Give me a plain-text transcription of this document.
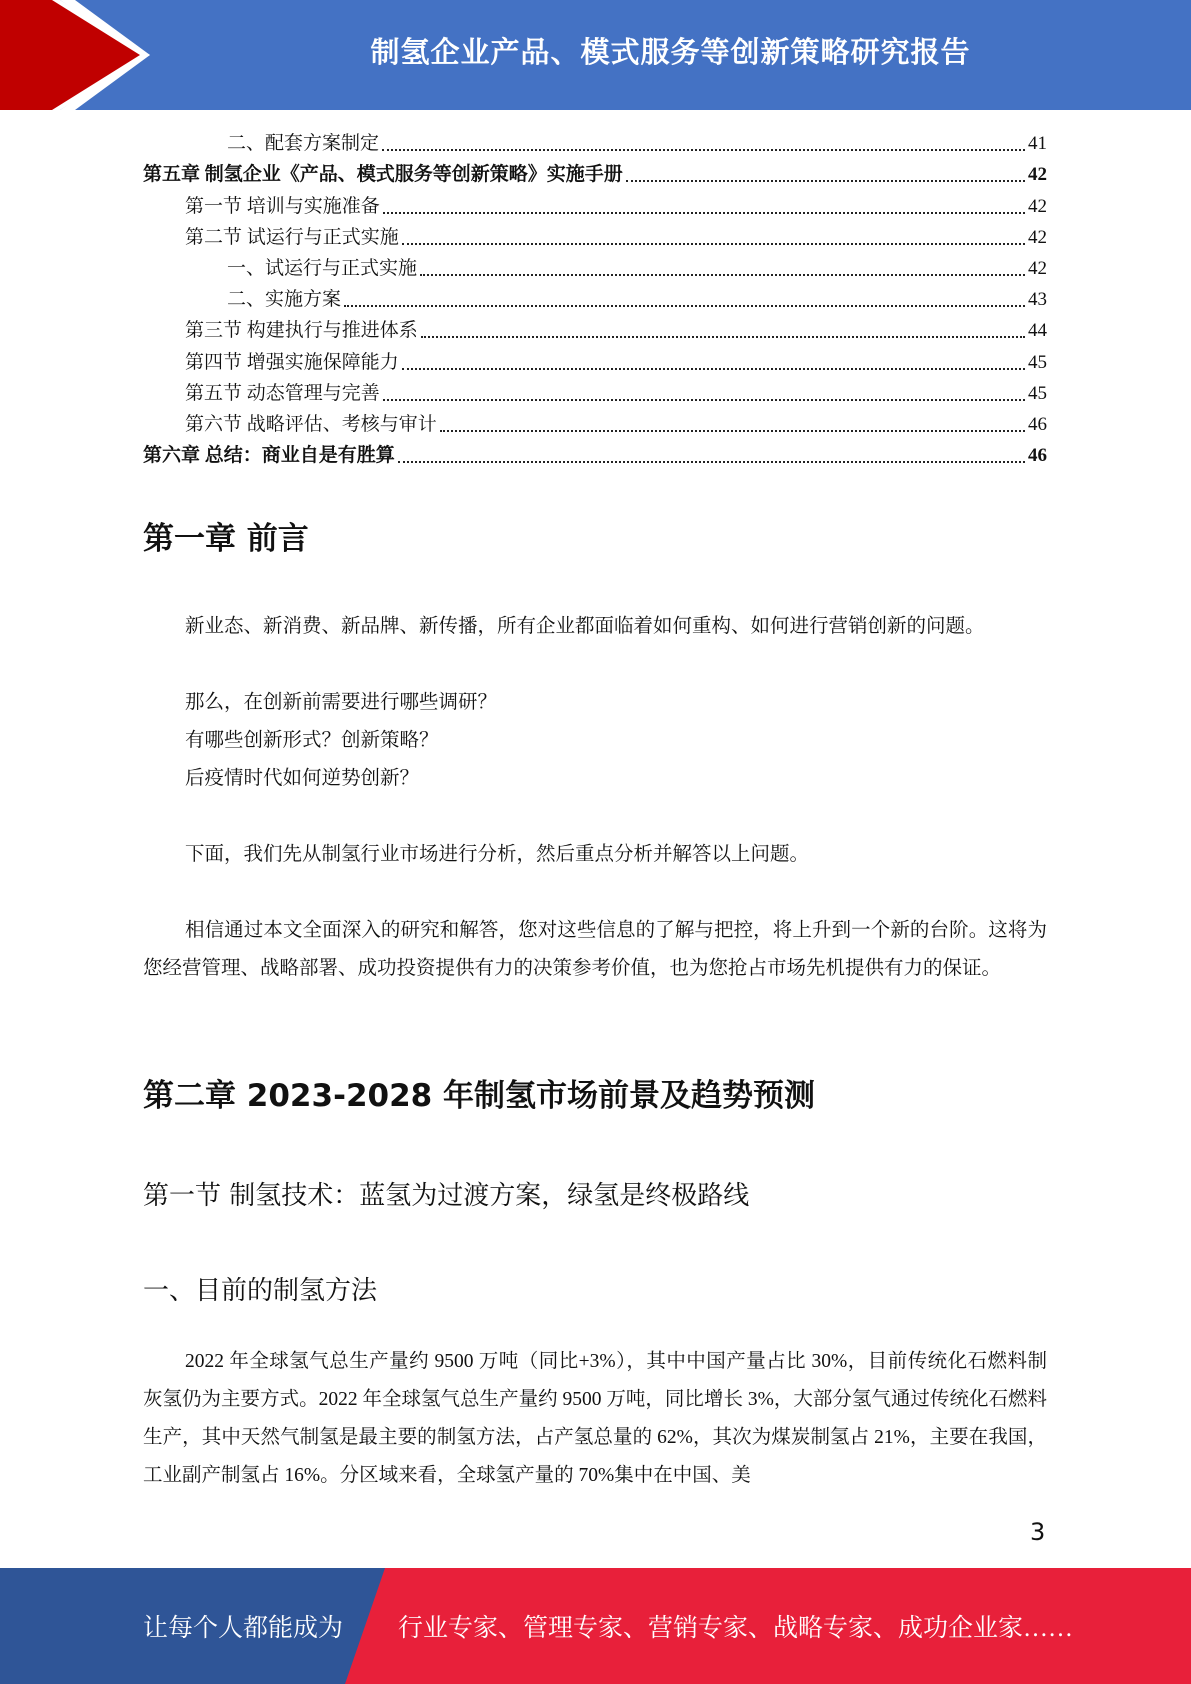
制氢企业产品、模式服务等创新策略研究报告
二、配套方案制定	41
第五章 制氢企业《产品、模式服务等创新策略》实施手册	42
第一节 培训与实施准备	42
第二节 试运行与正式实施	42
一、试运行与正式实施	42
二、实施方案	43
第三节 构建执行与推进体系	44
第四节 增强实施保障能力	45
第五节 动态管理与完善	45
第六节 战略评估、考核与审计	46
第六章 总结：商业自是有胜算	46
第一章 前言
新业态、新消费、新品牌、新传播，所有企业都面临着如何重构、如何进行营销创新的问题。
那么，在创新前需要进行哪些调研？
有哪些创新形式？创新策略？
后疫情时代如何逆势创新？
下面，我们先从制氢行业市场进行分析，然后重点分析并解答以上问题。
相信通过本文全面深入的研究和解答，您对这些信息的了解与把控，将上升到一个新的台阶。这将为您经营管理、战略部署、成功投资提供有力的决策参考价值，也为您抢占市场先机提供有力的保证。
第二章 2023-2028 年制氢市场前景及趋势预测
第一节 制氢技术：蓝氢为过渡方案，绿氢是终极路线
一、目前的制氢方法
2022 年全球氢气总生产量约 9500 万吨（同比+3%），其中中国产量占比 30%，目前传统化石燃料制灰氢仍为主要方式。2022 年全球氢气总生产量约 9500 万吨，同比增长 3%，大部分氢气通过传统化石燃料生产，其中天然气制氢是最主要的制氢方法，占产氢总量的 62%，其次为煤炭制氢占 21%，主要在我国，工业副产制氢占 16%。分区域来看，全球氢产量的 70%集中在中国、美
3
让每个人都能成为 行业专家、管理专家、营销专家、战略专家、成功企业家……
